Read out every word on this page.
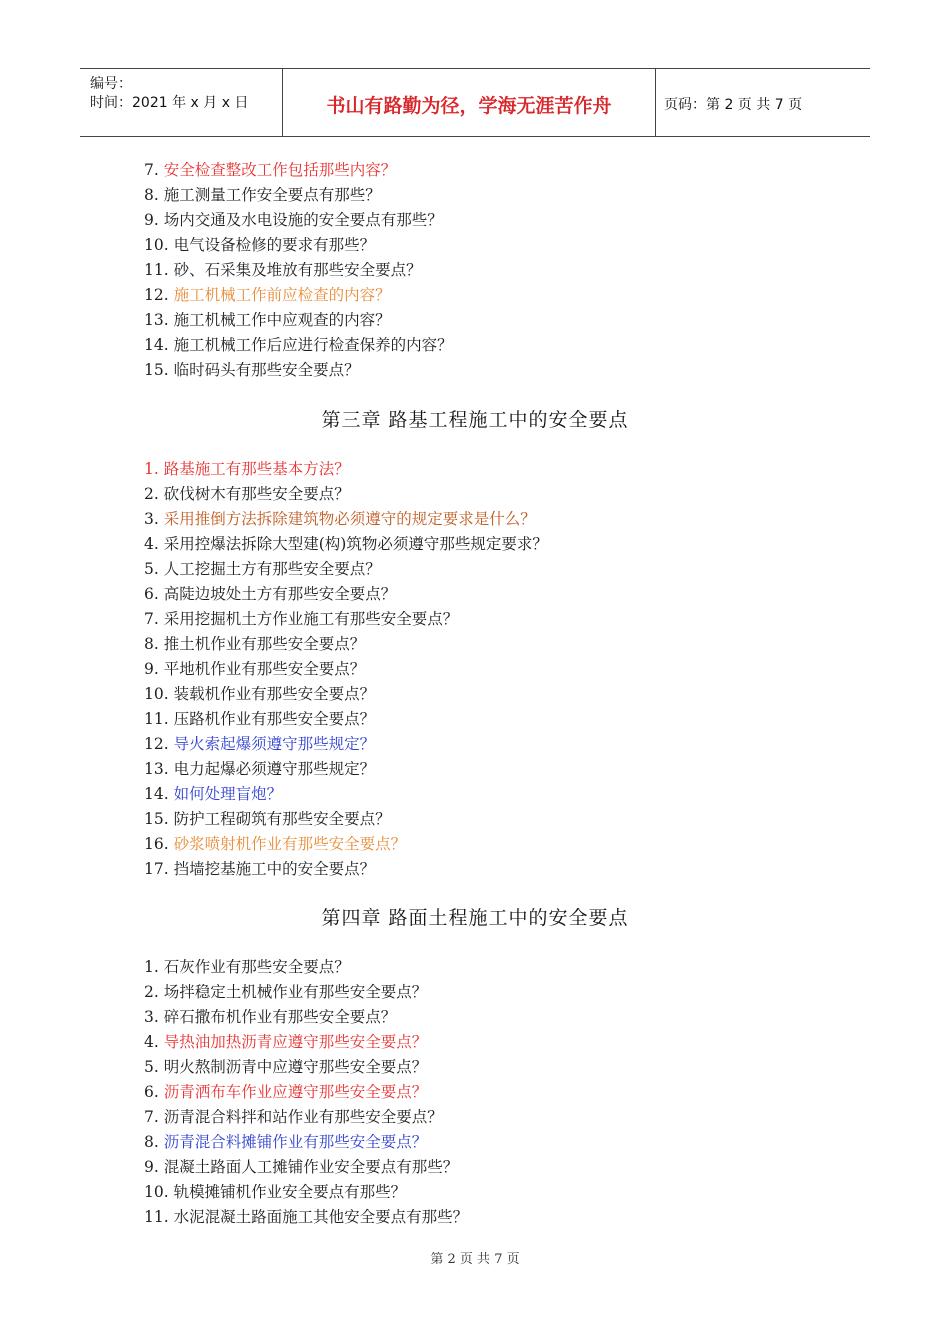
编号：
时间：2021 年 x 月 x 日	书山有路勤为径，学海无涯苦作舟	页码：第 2 页 共 7 页
7. 安全检查整改工作包括那些内容？
8. 施工测量工作安全要点有那些？
9. 场内交通及水电设施的安全要点有那些？
10. 电气设备检修的要求有那些？
11. 砂、石采集及堆放有那些安全要点？
12. 施工机械工作前应检查的内容？
13. 施工机械工作中应观查的内容？
14. 施工机械工作后应进行检查保养的内容？
15. 临时码头有那些安全要点？
第三章 路基工程施工中的安全要点
1. 路基施工有那些基本方法？
2. 砍伐树木有那些安全要点？
3. 采用推倒方法拆除建筑物必须遵守的规定要求是什么？
4. 采用控爆法拆除大型建(构)筑物必须遵守那些规定要求？
5. 人工挖掘土方有那些安全要点？
6. 高陡边坡处土方有那些安全要点？
7. 采用挖掘机土方作业施工有那些安全要点？
8. 推土机作业有那些安全要点？
9. 平地机作业有那些安全要点？
10. 装载机作业有那些安全要点？
11. 压路机作业有那些安全要点？
12. 导火索起爆须遵守那些规定？
13. 电力起爆必须遵守那些规定？
14. 如何处理盲炮？
15. 防护工程砌筑有那些安全要点？
16. 砂浆喷射机作业有那些安全要点？
17. 挡墙挖基施工中的安全要点？
第四章 路面土程施工中的安全要点
1. 石灰作业有那些安全要点？
2. 场拌稳定土机械作业有那些安全要点？
3. 碎石撒布机作业有那些安全要点？
4. 导热油加热沥青应遵守那些安全要点？
5. 明火熬制沥青中应遵守那些安全要点？
6. 沥青洒布车作业应遵守那些安全要点？
7. 沥青混合料拌和站作业有那些安全要点？
8. 沥青混合料摊铺作业有那些安全要点？
9. 混凝土路面人工摊铺作业安全要点有那些？
10. 轨模摊铺机作业安全要点有那些？
11. 水泥混凝土路面施工其他安全要点有那些？
第 2 页 共 7 页
